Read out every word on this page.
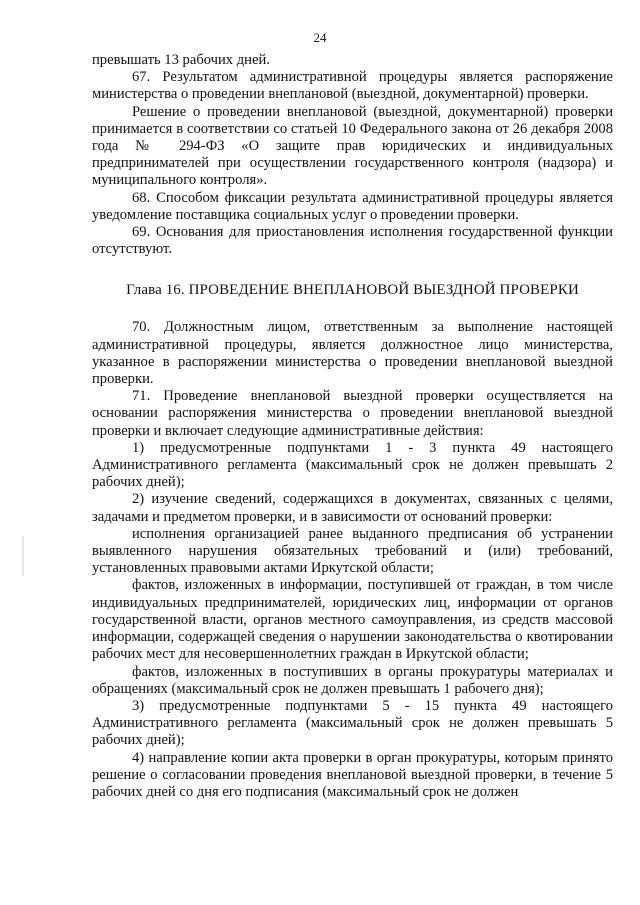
24

превышать 13 рабочих дней.

67. Результатом административной процедуры является распоряжение министерства о проведении внеплановой (выездной, документарной) проверки.

Решение о проведении внеплановой (выездной, документарной) проверки принимается в соответствии со статьей 10 Федерального закона от 26 декабря 2008 года № 294-ФЗ «О защите прав юридических и индивидуальных предпринимателей при осуществлении государственного контроля (надзора) и муниципального контроля».

68. Способом фиксации результата административной процедуры является уведомление поставщика социальных услуг о проведении проверки.

69. Основания для приостановления исполнения государственной функции отсутствуют.

Глава 16. ПРОВЕДЕНИЕ ВНЕПЛАНОВОЙ ВЫЕЗДНОЙ ПРОВЕРКИ

70. Должностным лицом, ответственным за выполнение настоящей административной процедуры, является должностное лицо министерства, указанное в распоряжении министерства о проведении внеплановой выездной проверки.

71. Проведение внеплановой выездной проверки осуществляется на основании распоряжения министерства о проведении внеплановой выездной проверки и включает следующие административные действия:

1) предусмотренные подпунктами 1 - 3 пункта 49 настоящего Административного регламента (максимальный срок не должен превышать 2 рабочих дней);

2) изучение сведений, содержащихся в документах, связанных с целями, задачами и предметом проверки, и в зависимости от оснований проверки:

исполнения организацией ранее выданного предписания об устранении выявленного нарушения обязательных требований и (или) требований, установленных правовыми актами Иркутской области;

фактов, изложенных в информации, поступившей от граждан, в том числе индивидуальных предпринимателей, юридических лиц, информации от органов государственной власти, органов местного самоуправления, из средств массовой информации, содержащей сведения о нарушении законодательства о квотировании рабочих мест для несовершеннолетних граждан в Иркутской области;

фактов, изложенных в поступивших в органы прокуратуры материалах и обращениях (максимальный срок не должен превышать 1 рабочего дня);

3) предусмотренные подпунктами 5 - 15 пункта 49 настоящего Административного регламента (максимальный срок не должен превышать 5 рабочих дней);

4) направление копии акта проверки в орган прокуратуры, которым принято решение о согласовании проведения внеплановой выездной проверки, в течение 5 рабочих дней со дня его подписания (максимальный срок не должен
